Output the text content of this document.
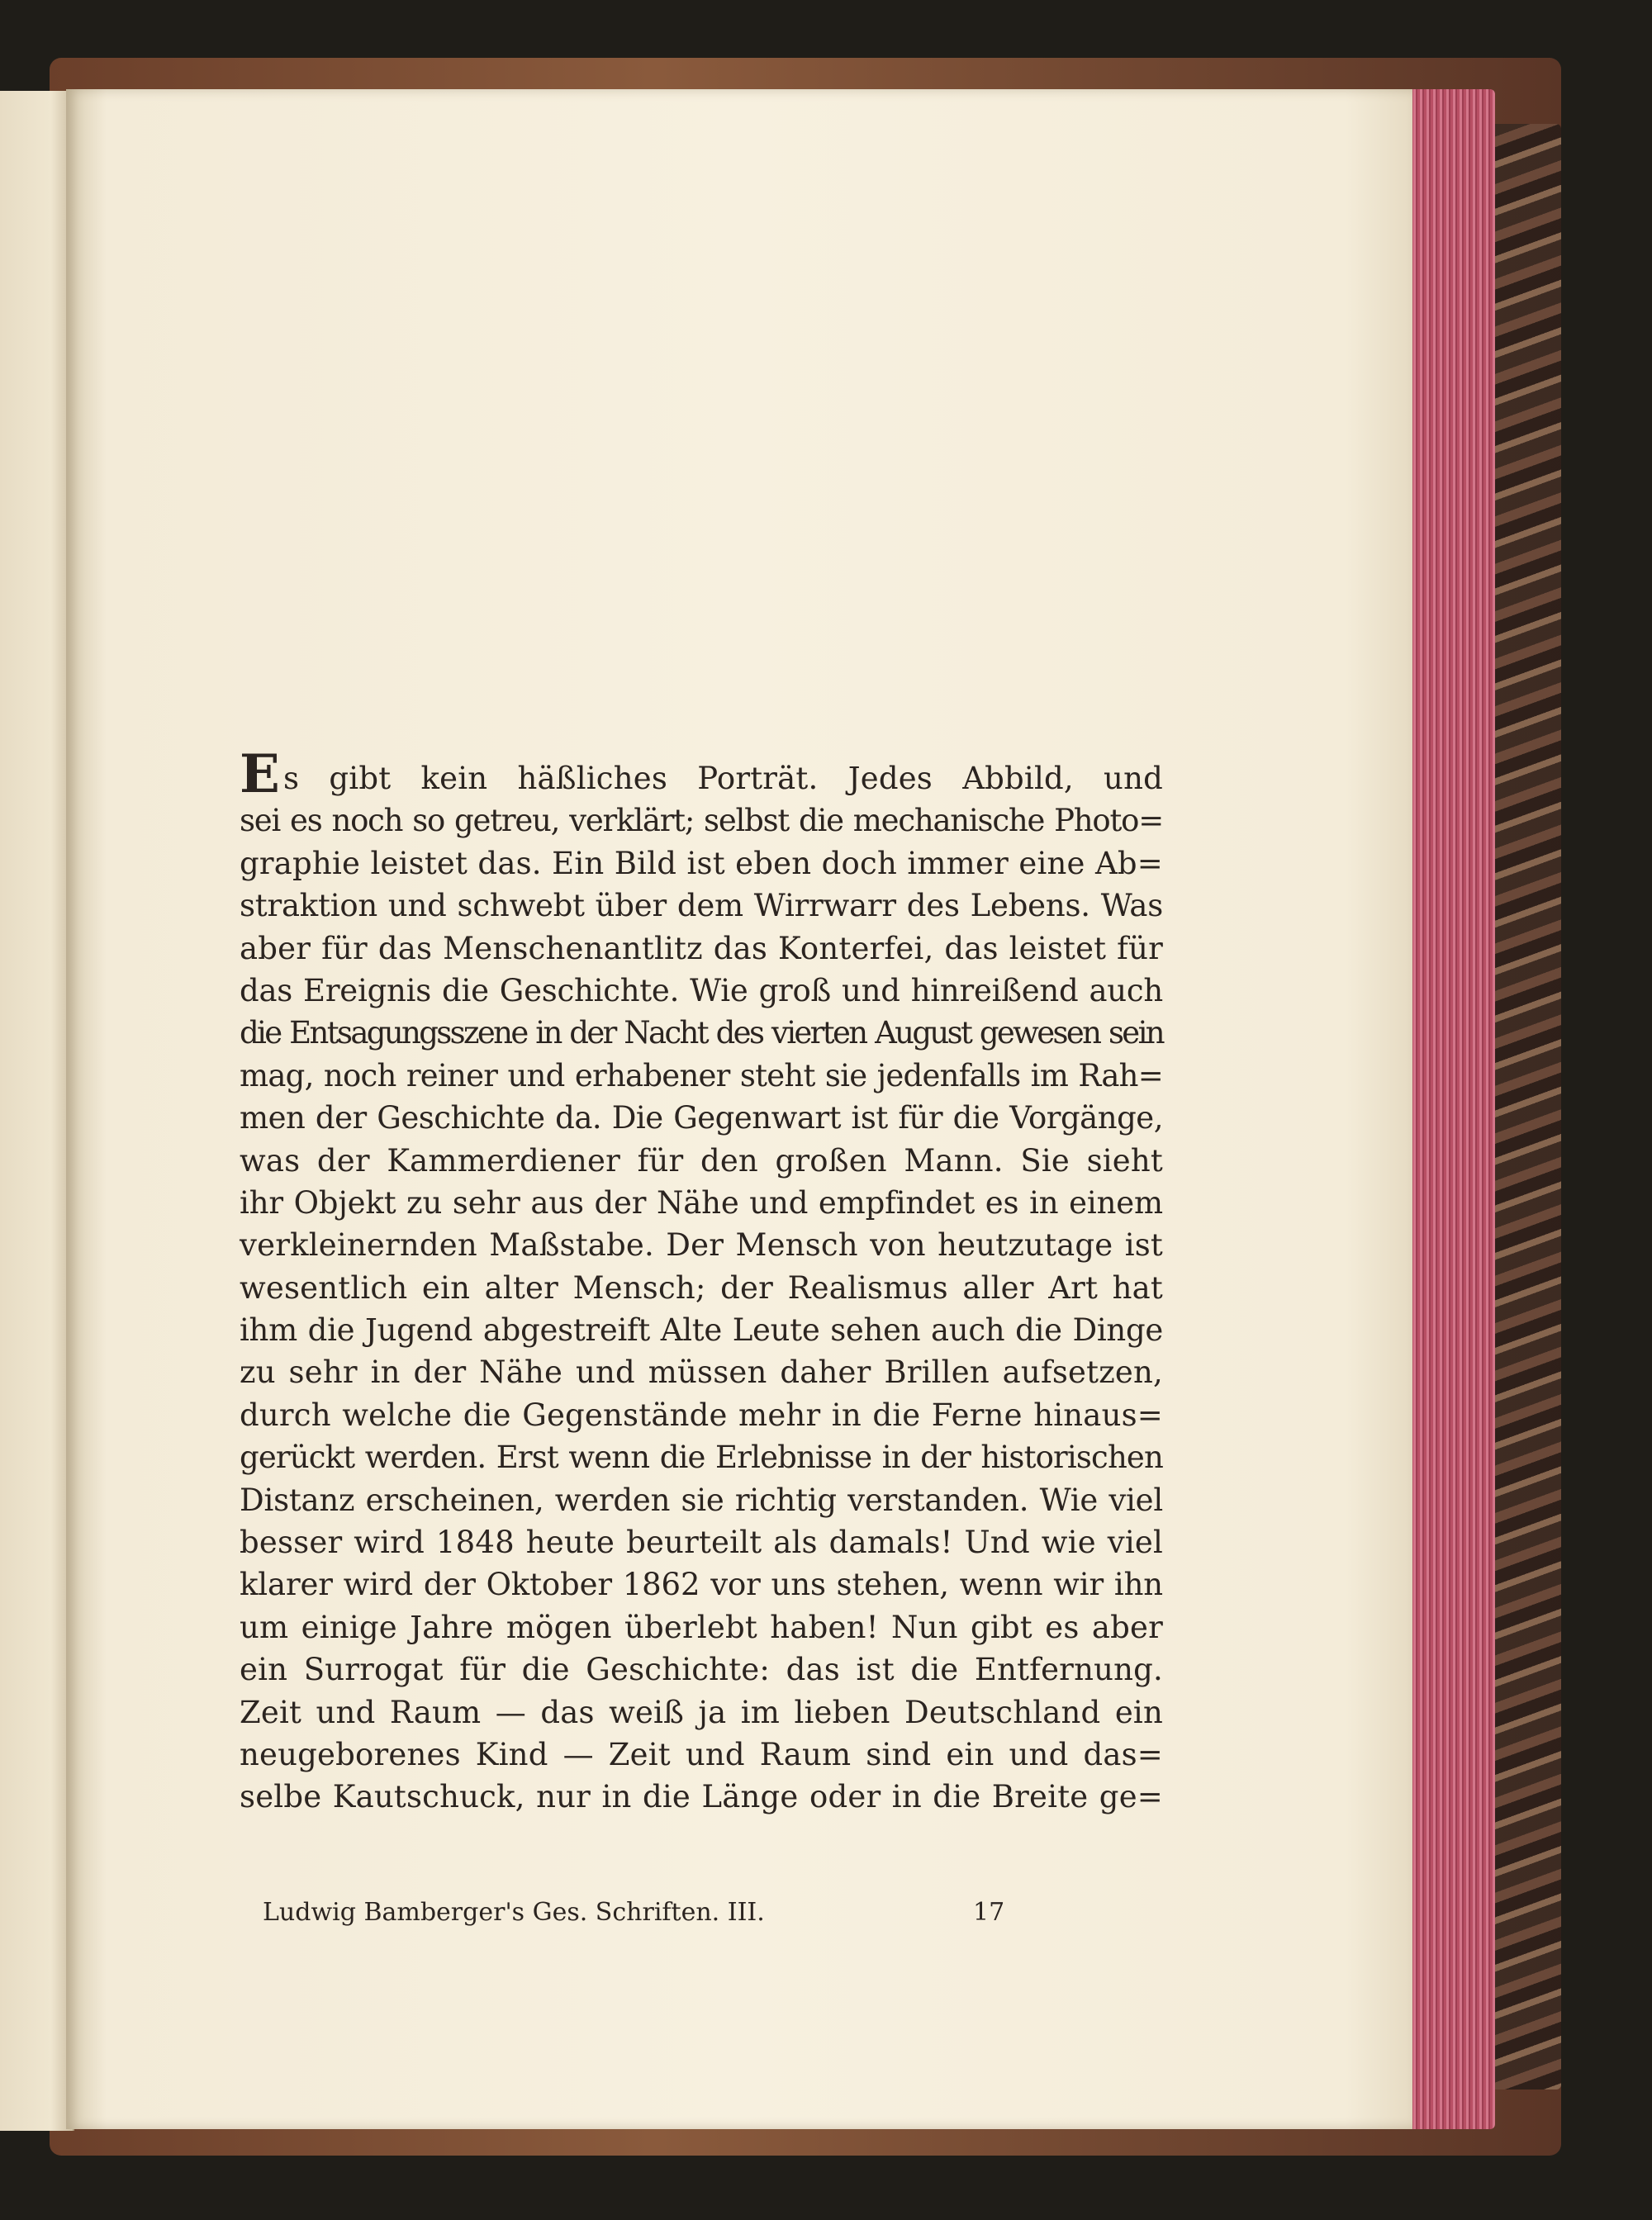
Es gibt kein häßliches Porträt. Jedes Abbild, und
sei es noch so getreu, verklärt; selbst die mechanische Photo=
graphie leistet das. Ein Bild ist eben doch immer eine Ab=
straktion und schwebt über dem Wirrwarr des Lebens. Was
aber für das Menschenantlitz das Konterfei, das leistet für
das Ereignis die Geschichte. Wie groß und hinreißend auch
die Entsagungsszene in der Nacht des vierten August gewesen sein
mag, noch reiner und erhabener steht sie jedenfalls im Rah=
men der Geschichte da. Die Gegenwart ist für die Vorgänge,
was der Kammerdiener für den großen Mann. Sie sieht
ihr Objekt zu sehr aus der Nähe und empfindet es in einem
verkleinernden Maßstabe. Der Mensch von heutzutage ist
wesentlich ein alter Mensch; der Realismus aller Art hat
ihm die Jugend abgestreift Alte Leute sehen auch die Dinge
zu sehr in der Nähe und müssen daher Brillen aufsetzen,
durch welche die Gegenstände mehr in die Ferne hinaus=
gerückt werden. Erst wenn die Erlebnisse in der historischen
Distanz erscheinen, werden sie richtig verstanden. Wie viel
besser wird 1848 heute beurteilt als damals! Und wie viel
klarer wird der Oktober 1862 vor uns stehen, wenn wir ihn
um einige Jahre mögen überlebt haben! Nun gibt es aber
ein Surrogat für die Geschichte: das ist die Entfernung.
Zeit und Raum — das weiß ja im lieben Deutschland ein
neugeborenes Kind — Zeit und Raum sind ein und das=
selbe Kautschuck, nur in die Länge oder in die Breite ge=
Ludwig Bamberger's Ges. Schriften. III.	17
